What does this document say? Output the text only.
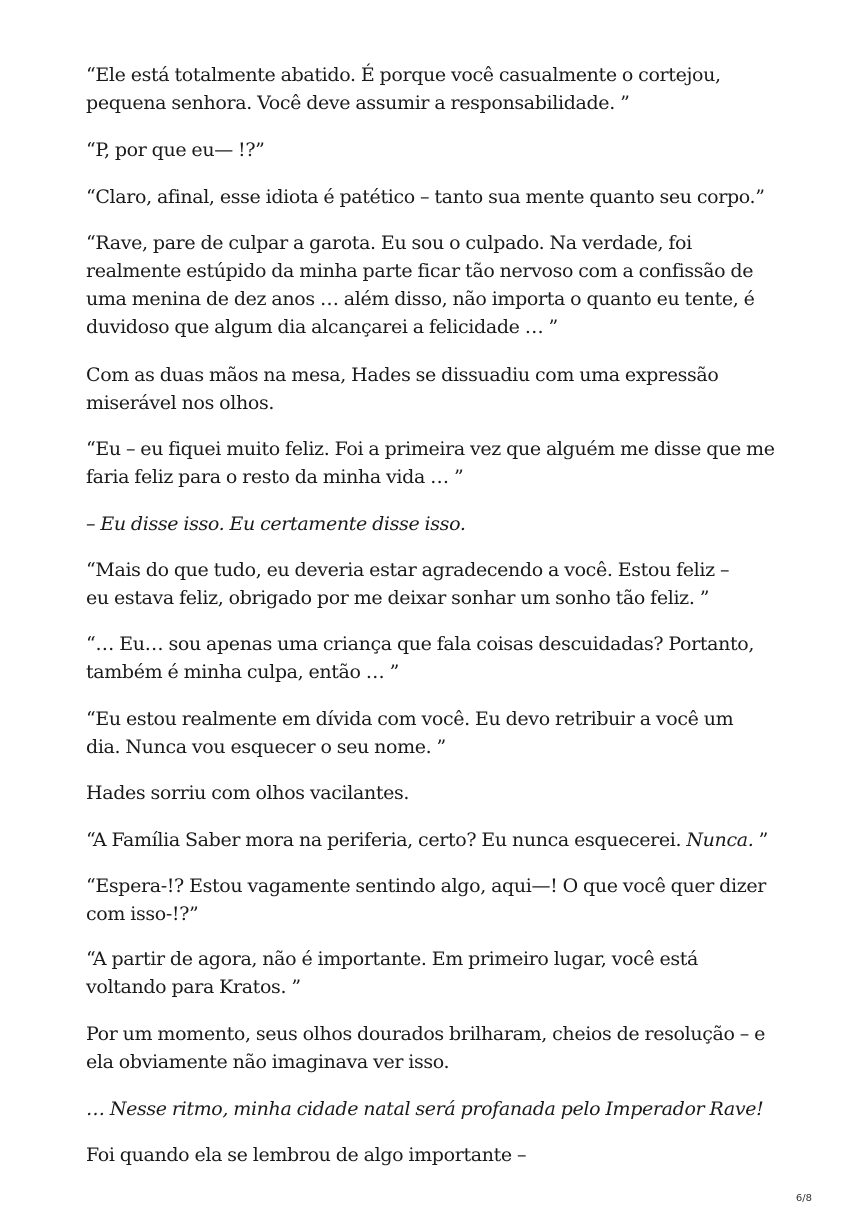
“Ele está totalmente abatido. É porque você casualmente o cortejou,
pequena senhora. Você deve assumir a responsabilidade. ”
“P, por que eu— !?”
“Claro, afinal, esse idiota é patético – tanto sua mente quanto seu corpo.”
“Rave, pare de culpar a garota. Eu sou o culpado. Na verdade, foi
realmente estúpido da minha parte ficar tão nervoso com a confissão de
uma menina de dez anos … além disso, não importa o quanto eu tente, é
duvidoso que algum dia alcançarei a felicidade … ”
Com as duas mãos na mesa, Hades se dissuadiu com uma expressão
miserável nos olhos.
“Eu – eu fiquei muito feliz. Foi a primeira vez que alguém me disse que me
faria feliz para o resto da minha vida … ”
– Eu disse isso. Eu certamente disse isso.
“Mais do que tudo, eu deveria estar agradecendo a você. Estou feliz –
eu estava feliz, obrigado por me deixar sonhar um sonho tão feliz. ”
“… Eu… sou apenas uma criança que fala coisas descuidadas? Portanto,
também é minha culpa, então … ”
“Eu estou realmente em dívida com você. Eu devo retribuir a você um
dia. Nunca vou esquecer o seu nome. ”
Hades sorriu com olhos vacilantes.
“A Família Saber mora na periferia, certo? Eu nunca esquecerei. Nunca. ”
“Espera-!? Estou vagamente sentindo algo, aqui—! O que você quer dizer
com isso-!?”
“A partir de agora, não é importante. Em primeiro lugar, você está
voltando para Kratos. ”
Por um momento, seus olhos dourados brilharam, cheios de resolução – e
ela obviamente não imaginava ver isso.
… Nesse ritmo, minha cidade natal será profanada pelo Imperador Rave!
Foi quando ela se lembrou de algo importante –
6/8
